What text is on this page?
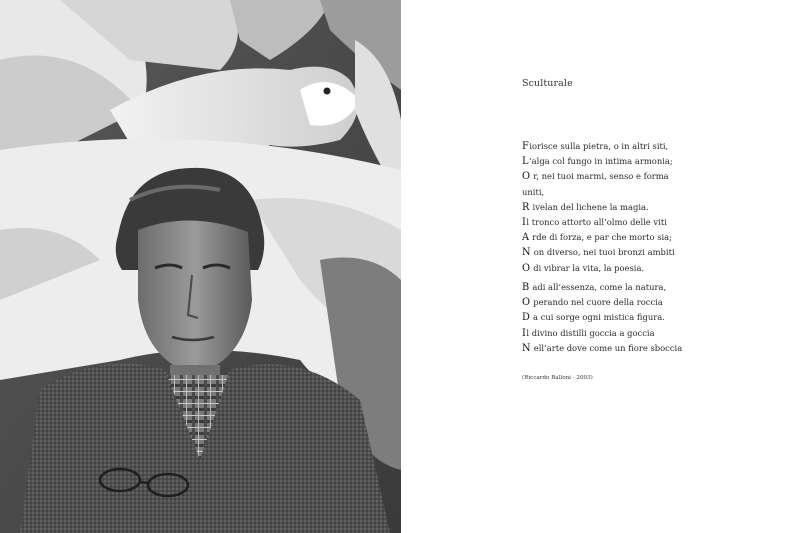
Sculturale
Fiorisce sulla pietra, o in altri siti,
L’alga col fungo in intima armonia;
O r, nei tuoi marmi, senso e forma
uniti,
R ivelan del lichene la magia.
Il tronco attorto all’olmo delle viti
A rde di forza, e par che morto sia;
N on diverso, nei tuoi bronzi ambiti
O di vibrar la vita, la poesia.
B adi all’essenza, come la natura,
O perando nel cuore della roccia
D a cui sorge ogni mistica figura.
Il divino distilli goccia a goccia
N ell’arte dove come un fiore sboccia
(Riccardo Balloni - 2003)
